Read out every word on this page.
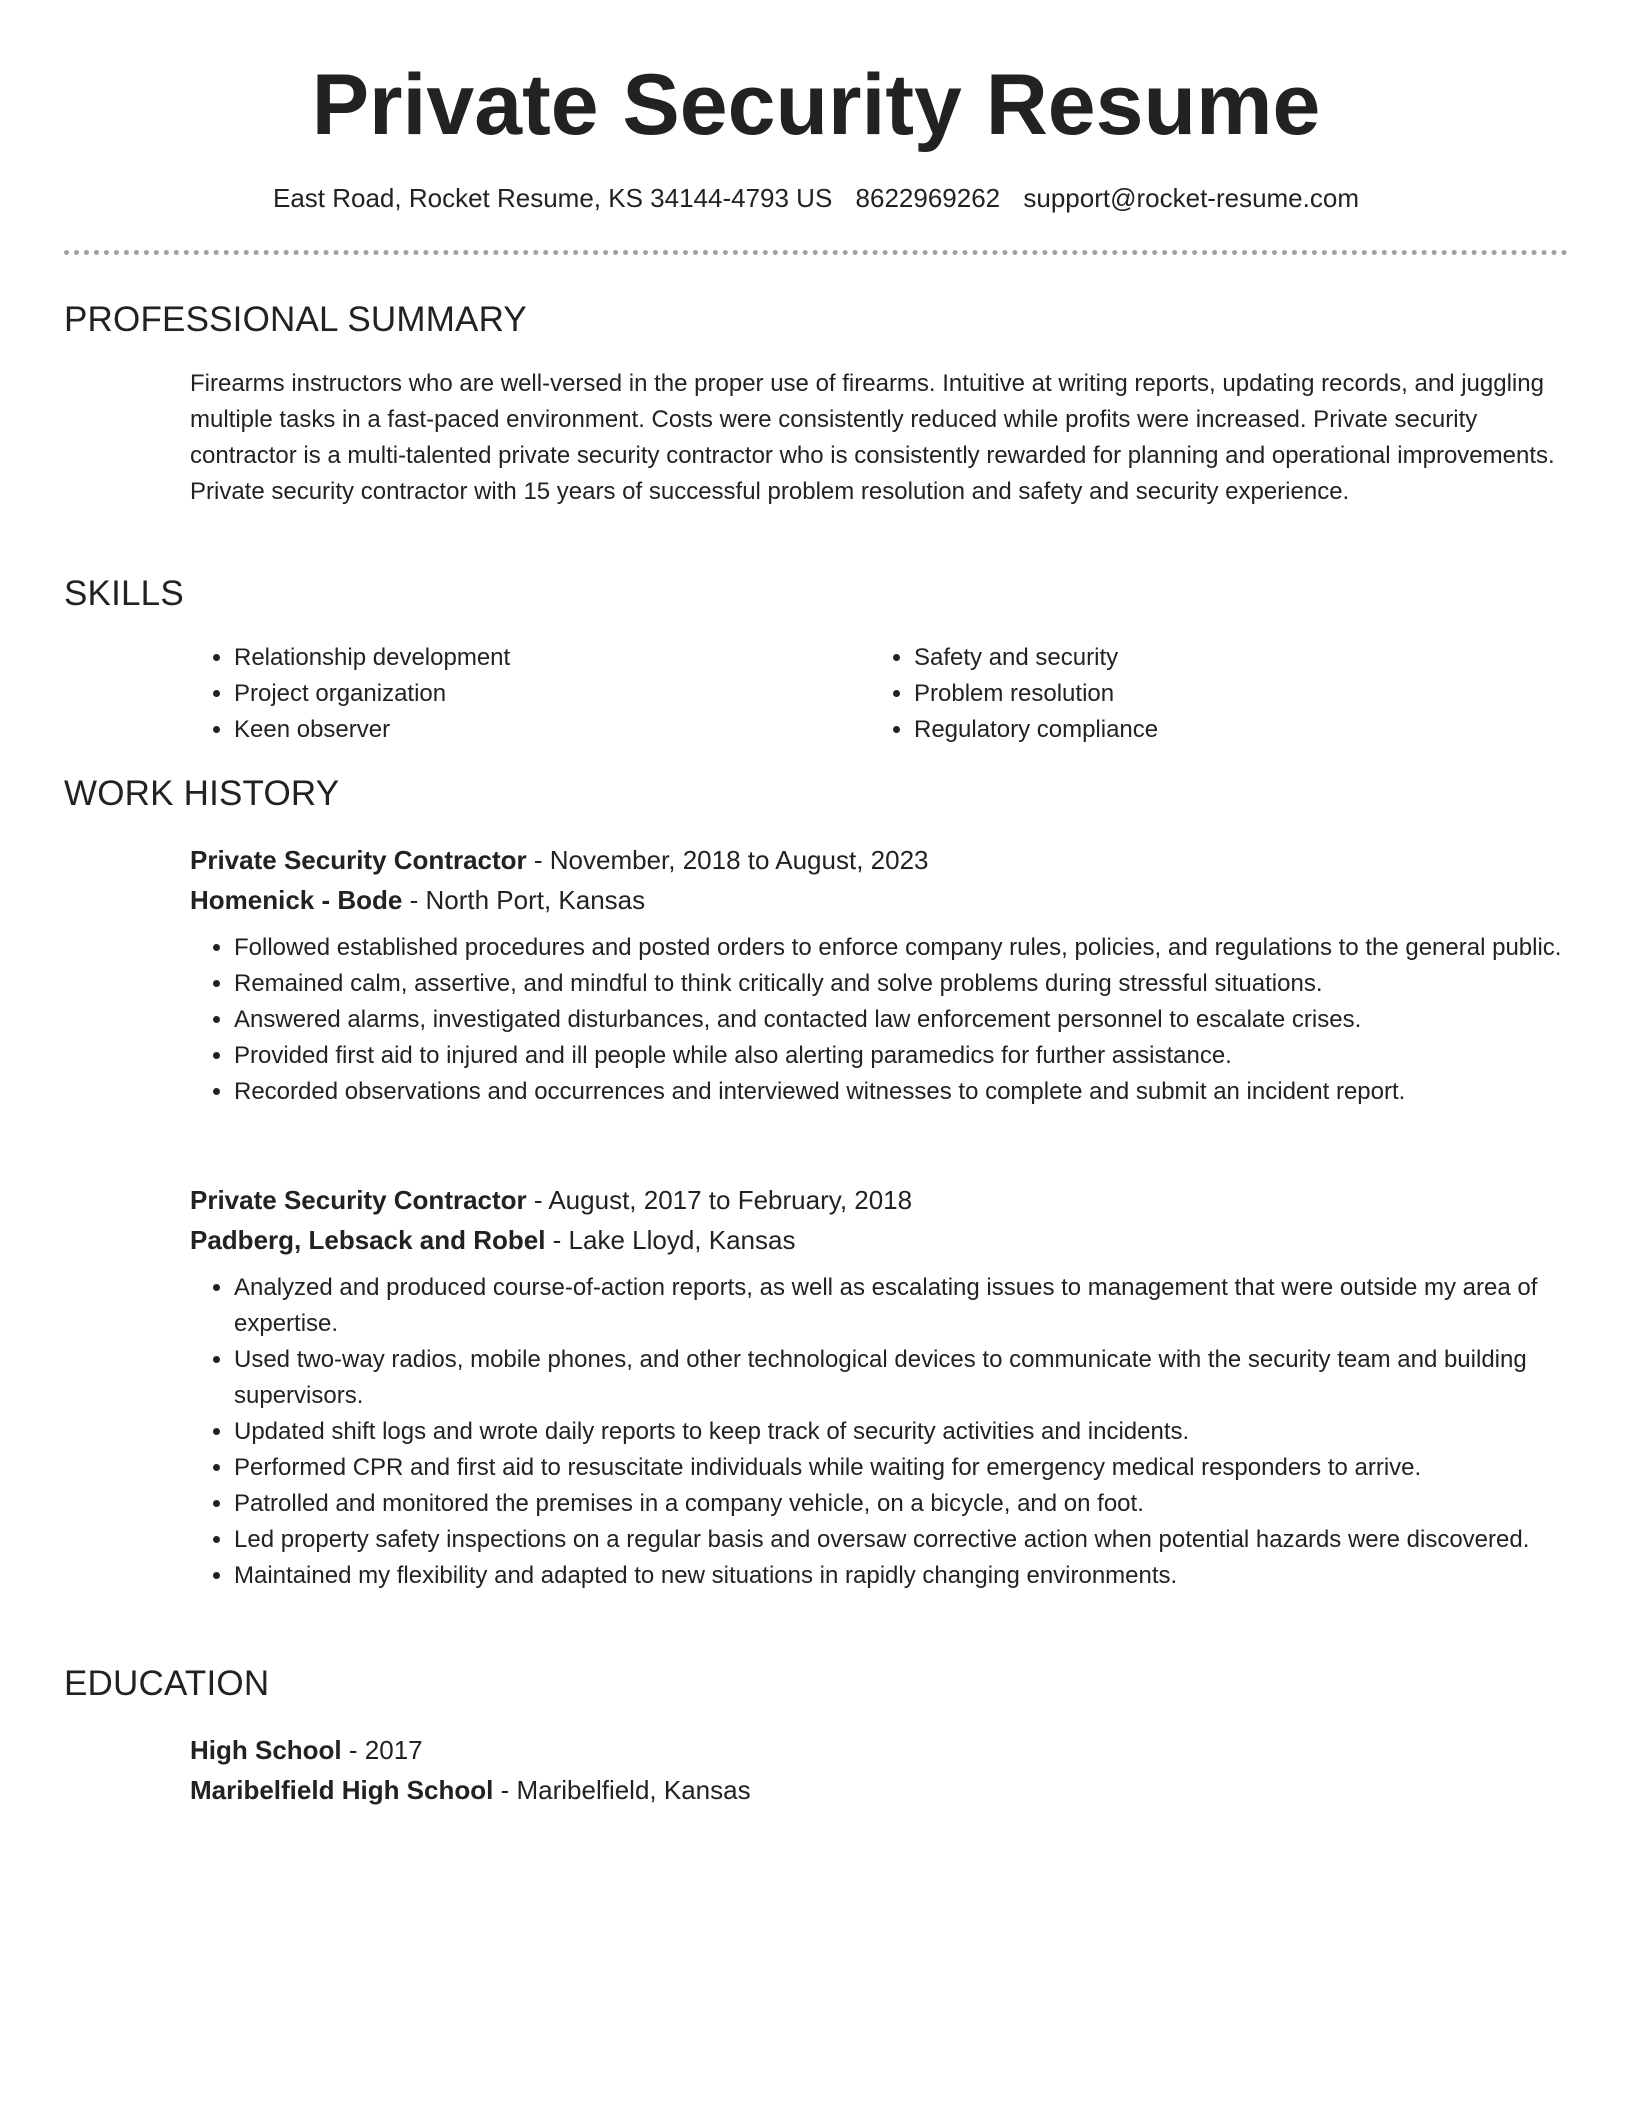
Private Security Resume
East Road, Rocket Resume, KS 34144-4793 US 8622969262 support@rocket-resume.com
PROFESSIONAL SUMMARY

Firearms instructors who are well-versed in the proper use of firearms. Intuitive at writing reports, updating records, and juggling multiple tasks in a fast-paced environment. Costs were consistently reduced while profits were increased. Private security contractor is a multi-talented private security contractor who is consistently rewarded for planning and operational improvements. Private security contractor with 15 years of successful problem resolution and safety and security experience.

SKILLS
• Relationship development
• Project organization
• Keen observer
• Safety and security
• Problem resolution
• Regulatory compliance
WORK HISTORY

Private Security Contractor - November, 2018 to August, 2023

Homenick - Bode - North Port, Kansas

• Followed established procedures and posted orders to enforce company rules, policies, and regulations to the general public.
• Remained calm, assertive, and mindful to think critically and solve problems during stressful situations.
• Answered alarms, investigated disturbances, and contacted law enforcement personnel to escalate crises.
• Provided first aid to injured and ill people while also alerting paramedics for further assistance.
• Recorded observations and occurrences and interviewed witnesses to complete and submit an incident report.

Private Security Contractor - August, 2017 to February, 2018

Padberg, Lebsack and Robel - Lake Lloyd, Kansas

• Analyzed and produced course-of-action reports, as well as escalating issues to management that were outside my area of expertise.
• Used two-way radios, mobile phones, and other technological devices to communicate with the security team and building supervisors.
• Updated shift logs and wrote daily reports to keep track of security activities and incidents.
• Performed CPR and first aid to resuscitate individuals while waiting for emergency medical responders to arrive.
• Patrolled and monitored the premises in a company vehicle, on a bicycle, and on foot.
• Led property safety inspections on a regular basis and oversaw corrective action when potential hazards were discovered.
• Maintained my flexibility and adapted to new situations in rapidly changing environments.
EDUCATION

High School - 2017

Maribelfield High School - Maribelfield, Kansas
